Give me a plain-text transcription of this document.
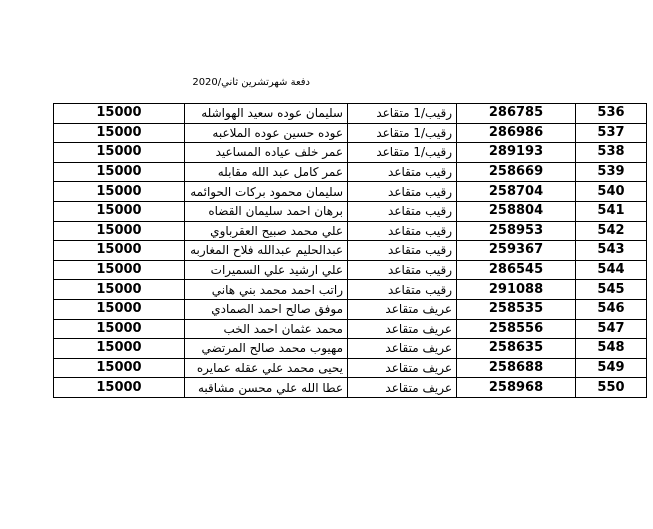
دفعة شهرتشرين ثاني/2020
536	286785	رقيب/1 متقاعد	سليمان عوده سعيد الهواشله	15000
537	286986	رقيب/1 متقاعد	عوده حسين عوده الملاعبه	15000
538	289193	رقيب/1 متقاعد	عمر خلف عياده المساعيد	15000
539	258669	رقيب متقاعد	عمر كامل عبد الله مقابله	15000
540	258704	رقيب متقاعد	سليمان محمود بركات الحوائمه	15000
541	258804	رقيب متقاعد	برهان احمد سليمان القضاه	15000
542	258953	رقيب متقاعد	علي محمد صبيح العقرباوي	15000
543	259367	رقيب متقاعد	عبدالحليم عبدالله فلاح المغاربه	15000
544	286545	رقيب متقاعد	علي ارشيد علي السميرات	15000
545	291088	رقيب متقاعد	راتب احمد محمد بني هاني	15000
546	258535	عريف متقاعد	موفق صالح احمد الصمادي	15000
547	258556	عريف متقاعد	محمد عثمان احمد الخب	15000
548	258635	عريف متقاعد	مهيوب محمد صالح المرتضي	15000
549	258688	عريف متقاعد	يحيى محمد علي عقله عمايره	15000
550	258968	عريف متقاعد	عطا الله علي محسن مشاقبه	15000
